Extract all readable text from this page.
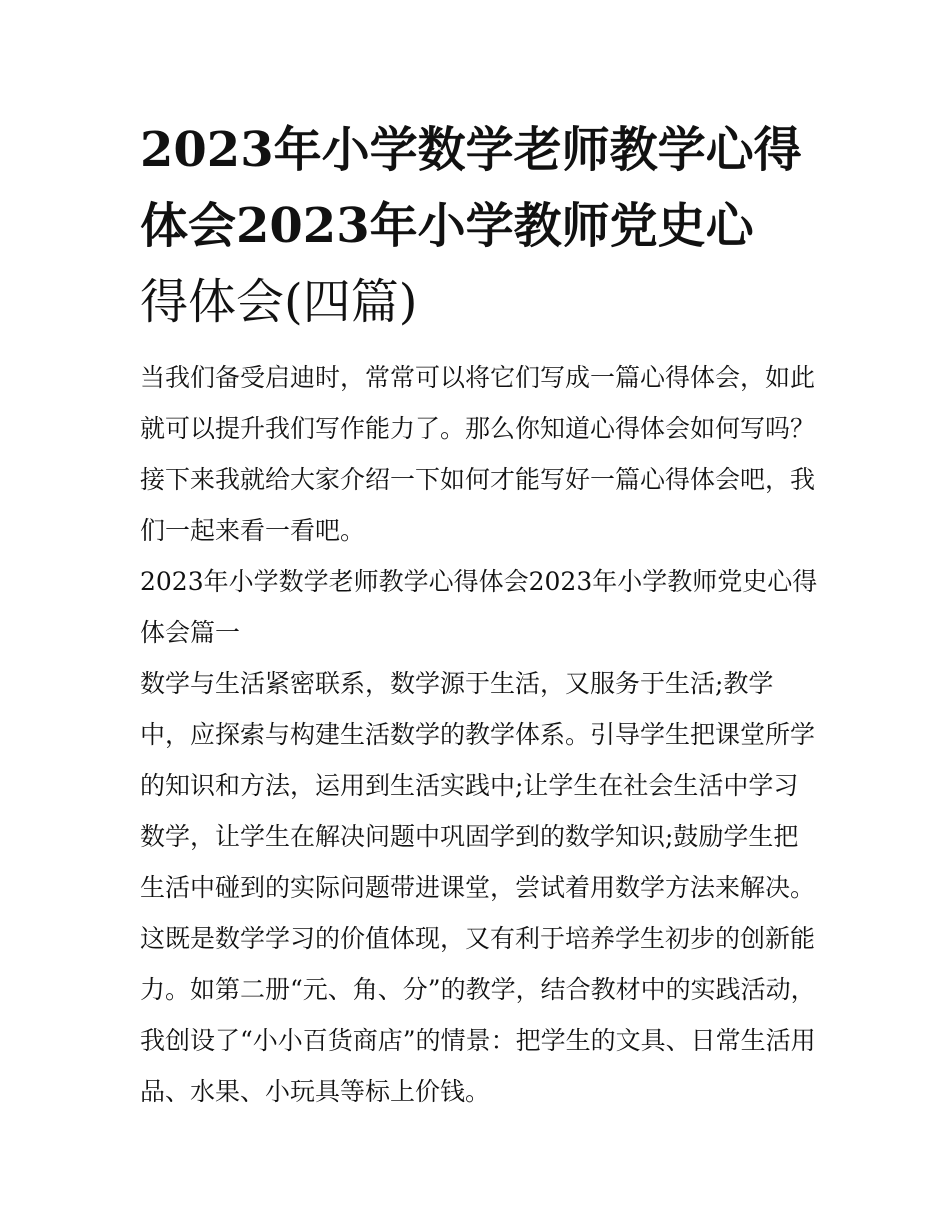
2023年小学数学老师教学心得
体会2023年小学教师党史心
得体会(四篇)

当我们备受启迪时，常常可以将它们写成一篇心得体会，如此
就可以提升我们写作能力了。那么你知道心得体会如何写吗？
接下来我就给大家介绍一下如何才能写好一篇心得体会吧，我
们一起来看一看吧。

2023年小学数学老师教学心得体会2023年小学教师党史心得
体会篇一

数学与生活紧密联系，数学源于生活，又服务于生活;教学
中，应探索与构建生活数学的教学体系。引导学生把课堂所学
的知识和方法，运用到生活实践中;让学生在社会生活中学习
数学，让学生在解决问题中巩固学到的数学知识;鼓励学生把
生活中碰到的实际问题带进课堂，尝试着用数学方法来解决。
这既是数学学习的价值体现，又有利于培养学生初步的创新能
力。如第二册“元、角、分”的教学，结合教材中的实践活动，
我创设了“小小百货商店”的情景：把学生的文具、日常生活用
品、水果、小玩具等标上价钱。
